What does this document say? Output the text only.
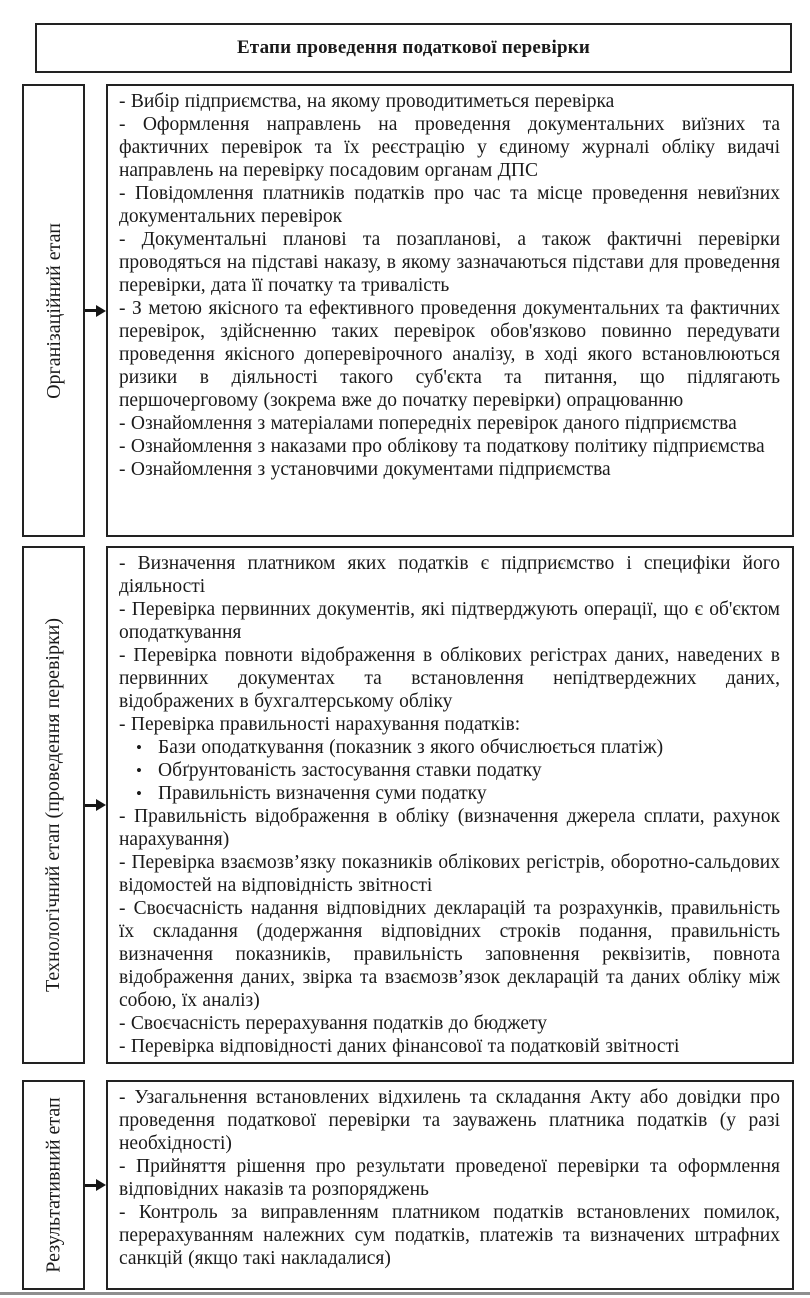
Етапи проведення податкової перевірки
Організаційний етап

- Вибір підприємства, на якому проводитиметься перевірка

- Оформлення направлень на проведення документальних виїзних та фактичних перевірок та їх реєстрацію у єдиному журналі обліку видачі направлень на перевірку посадовим органам ДПС

- Повідомлення платників податків про час та місце проведення невиїзних документальних перевірок

- Документальні планові та позапланові, а також фактичні перевірки проводяться на підставі наказу, в якому зазначаються підстави для проведення перевірки, дата її початку та тривалість

- З метою якісного та ефективного проведення документальних та фактичних перевірок, здійсненню таких перевірок обов'язково повинно передувати проведення якісного доперевірочного аналізу, в ході якого встановлюються ризики в діяльності такого суб'єкта та питання, що підлягають першочерговому (зокрема вже до початку перевірки) опрацюванню

- Ознайомлення з матеріалами попередніх перевірок даного підприємства

- Ознайомлення з наказами про облікову та податкову політику підприємства

- Ознайомлення з установчими документами підприємства

Технологічний етап (проведення перевірки)

- Визначення платником яких податків є підприємство і специфіки його діяльності

- Перевірка первинних документів, які підтверджують операції, що є об'єктом оподаткування

- Перевірка повноти відображення в облікових регістрах даних, наведених в первинних документах та встановлення непідтвердежних даних, відображених в бухгалтерському обліку

- Перевірка правильності нарахування податків:

• Бази оподаткування (показник з якого обчислюється платіж)

• Обґрунтованість застосування ставки податку

• Правильність визначення суми податку

- Правильність відображення в обліку (визначення джерела сплати, рахунок нарахування)

- Перевірка взаємозв’язку показників облікових регістрів, оборотно-сальдових відомостей на відповідність звітності

- Своєчасність надання відповідних декларацій та розрахунків, правильність їх складання (додержання відповідних строків подання, правильність визначення показників, правильність заповнення реквізитів, повнота відображення даних, звірка та взаємозв’язок декларацій та даних обліку між собою, їх аналіз)

- Своєчасність перерахування податків до бюджету

- Перевірка відповідності даних фінансової та податковій звітності

Результативний етап	- Узагальнення встановлених відхилень та складання Акту або довідки про проведення податкової перевірки та зауважень платника податків (у разі необхідності)

- Прийняття рішення про результати проведеної перевірки та оформлення відповідних наказів та розпоряджень

- Контроль за виправленням платником податків встановлених помилок, перерахуванням належних сум податків, платежів та визначених штрафних санкцій (якщо такі накладалися)
